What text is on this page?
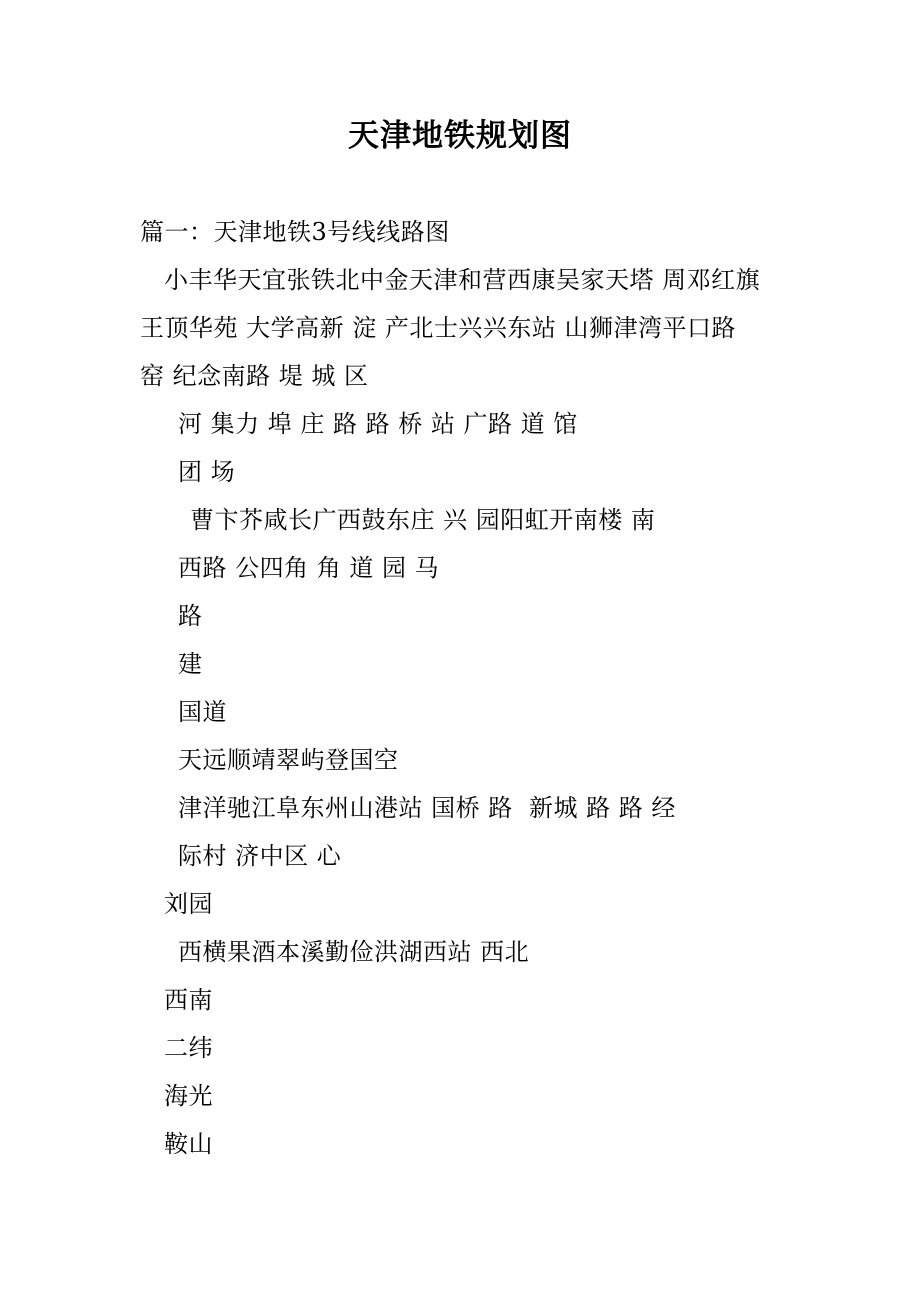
天津地铁规划图
篇一：天津地铁3号线线路图
小丰华天宜张铁北中金天津和营西康吴家天塔 周邓红旗
王顶华苑 大学高新 淀 产北士兴兴东站 山狮津湾平口路
窑 纪念南路 堤 城 区
河 集力 埠 庄 路 路 桥 站 广路 道 馆
团 场
曹卞芥咸长广西鼓东庄 兴 园阳虹开南楼 南
西路 公四角 角 道 园 马
路
建
国道
天远顺靖翠屿登国空
津洋驰江阜东州山港站 国桥 路  新城 路 路 经
际村 济中区 心
刘园
西横果酒本溪勤俭洪湖西站 西北
西南
二纬
海光
鞍山
